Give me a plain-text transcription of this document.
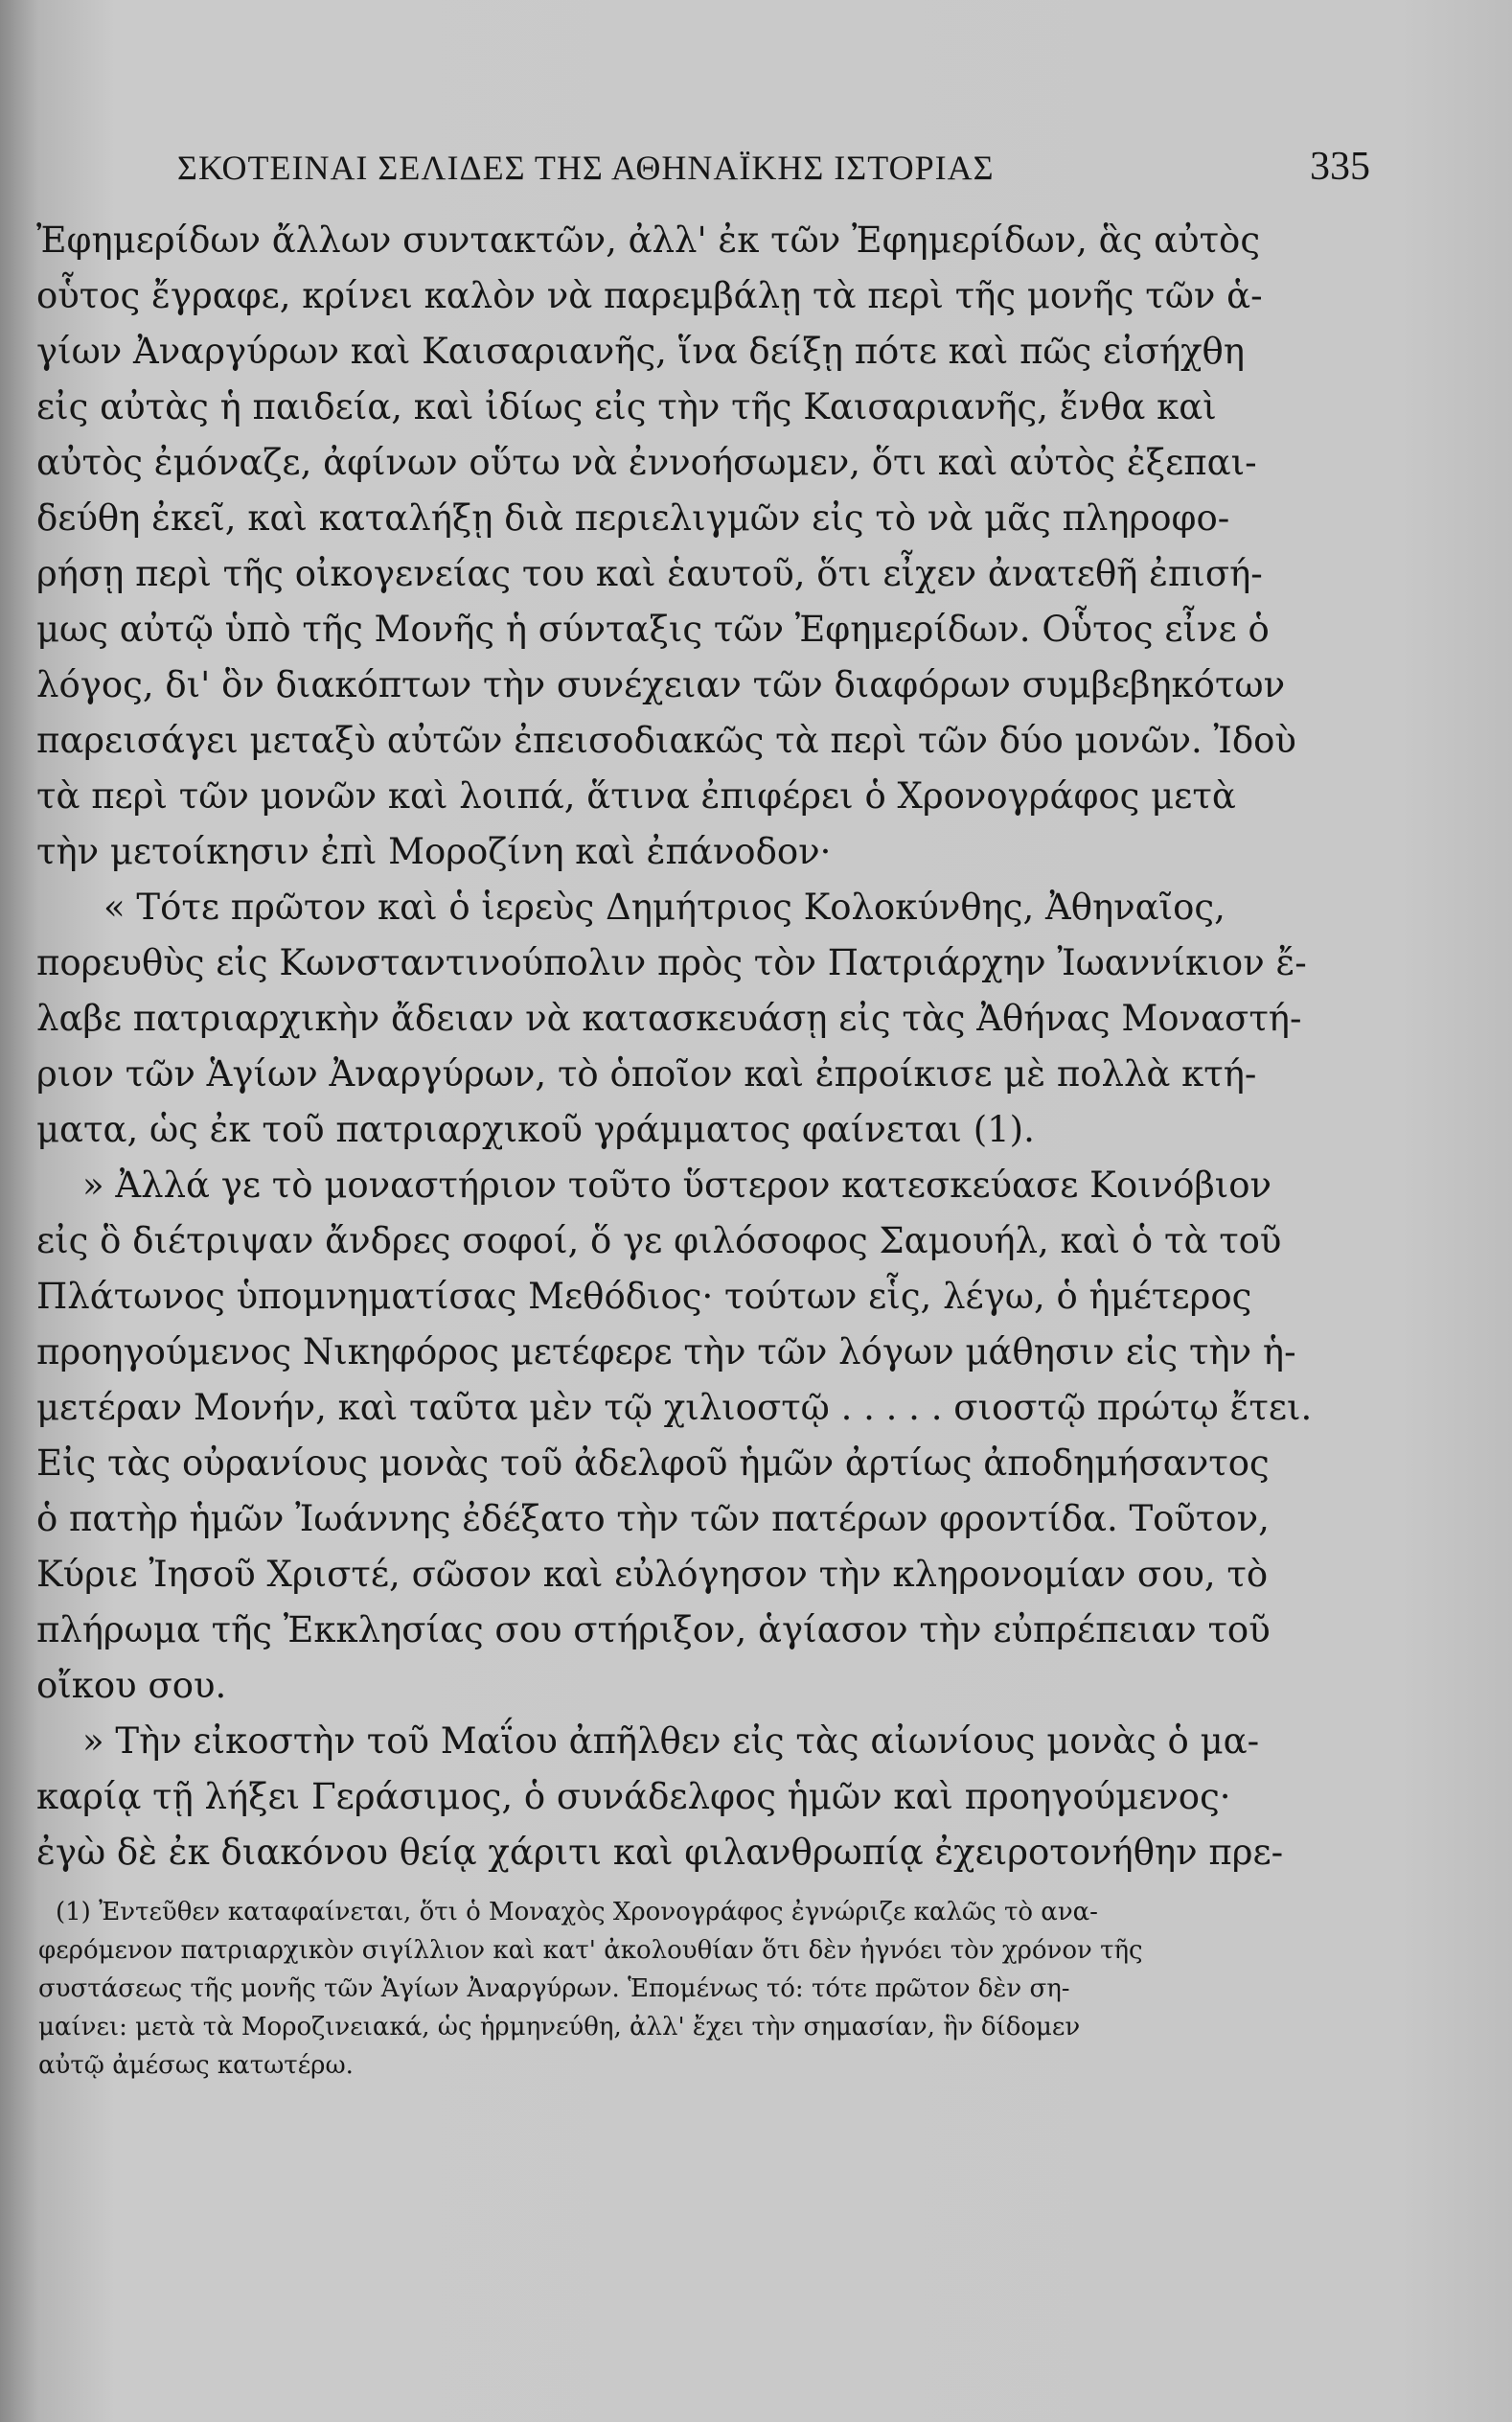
ΣΚΟΤΕΙΝΑΙ ΣΕΛΙΔΕΣ ΤΗΣ ΑΘΗΝΑΪΚΗΣ ΙΣΤΟΡΙΑΣ	335
Ἐφημερίδων ἄλλων συντακτῶν, ἀλλ' ἐκ τῶν Ἐφημερίδων, ἃς αὐτὸς
οὗτος ἔγραφε, κρίνει καλὸν νὰ παρεμβάλῃ τὰ περὶ τῆς μονῆς τῶν ἁ-
γίων Ἀναργύρων καὶ Καισαριανῆς, ἵνα δείξῃ πότε καὶ πῶς εἰσήχθη
εἰς αὐτὰς ἡ παιδεία, καὶ ἰδίως εἰς τὴν τῆς Καισαριανῆς, ἔνθα καὶ
αὐτὸς ἐμόναζε, ἀφίνων οὕτω νὰ ἐννοήσωμεν, ὅτι καὶ αὐτὸς ἐξεπαι-
δεύθη ἐκεῖ, καὶ καταλήξῃ διὰ περιελιγμῶν εἰς τὸ νὰ μᾶς πληροφο-
ρήσῃ περὶ τῆς οἰκογενείας του καὶ ἑαυτοῦ, ὅτι εἶχεν ἀνατεθῆ ἐπισή-
μως αὐτῷ ὑπὸ τῆς Μονῆς ἡ σύνταξις τῶν Ἐφημερίδων. Οὗτος εἶνε ὁ
λόγος, δι' ὃν διακόπτων τὴν συνέχειαν τῶν διαφόρων συμβεβηκότων
παρεισάγει μεταξὺ αὐτῶν ἐπεισοδιακῶς τὰ περὶ τῶν δύο μονῶν. Ἰδοὺ
τὰ περὶ τῶν μονῶν καὶ λοιπά, ἅτινα ἐπιφέρει ὁ Χρονογράφος μετὰ
τὴν μετοίκησιν ἐπὶ Μοροζίνη καὶ ἐπάνοδον·
« Τότε πρῶτον καὶ ὁ ἱερεὺς Δημήτριος Κολοκύνθης, Ἀθηναῖος,
πορευθὺς εἰς Κωνσταντινούπολιν πρὸς τὸν Πατριάρχην Ἰωαννίκιον ἔ-
λαβε πατριαρχικὴν ἄδειαν νὰ κατασκευάσῃ εἰς τὰς Ἀθήνας Μοναστή-
ριον τῶν Ἁγίων Ἀναργύρων, τὸ ὁποῖον καὶ ἐπροίκισε μὲ πολλὰ κτή-
ματα, ὡς ἐκ τοῦ πατριαρχικοῦ γράμματος φαίνεται (1).
» Ἀλλά γε τὸ μοναστήριον τοῦτο ὕστερον κατεσκεύασε Κοινόβιον
εἰς ὃ διέτριψαν ἄνδρες σοφοί, ὅ γε φιλόσοφος Σαμουήλ, καὶ ὁ τὰ τοῦ
Πλάτωνος ὑπομνηματίσας Μεθόδιος· τούτων εἷς, λέγω, ὁ ἡμέτερος
προηγούμενος Νικηφόρος μετέφερε τὴν τῶν λόγων μάθησιν εἰς τὴν ἡ-
μετέραν Μονήν, καὶ ταῦτα μὲν τῷ χιλιοστῷ . . . . . σιοστῷ πρώτῳ ἔτει.
Εἰς τὰς οὐρανίους μονὰς τοῦ ἀδελφοῦ ἡμῶν ἀρτίως ἀποδημήσαντος
ὁ πατὴρ ἡμῶν Ἰωάννης ἐδέξατο τὴν τῶν πατέρων φροντίδα. Τοῦτον,
Κύριε Ἰησοῦ Χριστέ, σῶσον καὶ εὐλόγησον τὴν κληρονομίαν σου, τὸ
πλήρωμα τῆς Ἐκκλησίας σου στήριξον, ἁγίασον τὴν εὐπρέπειαν τοῦ
οἴκου σου.
» Τὴν εἰκοστὴν τοῦ Μαΐου ἀπῆλθεν εἰς τὰς αἰωνίους μονὰς ὁ μα-
καρίᾳ τῇ λήξει Γεράσιμος, ὁ συνάδελφος ἡμῶν καὶ προηγούμενος·
ἐγὼ δὲ ἐκ διακόνου θείᾳ χάριτι καὶ φιλανθρωπίᾳ ἐχειροτονήθην πρε-
(1) Ἐντεῦθεν καταφαίνεται, ὅτι ὁ Μοναχὸς Χρονογράφος ἐγνώριζε καλῶς τὸ ανα-
φερόμενον πατριαρχικὸν σιγίλλιον καὶ κατ' ἀκολουθίαν ὅτι δὲν ἠγνόει τὸν χρόνον τῆς
συστάσεως τῆς μονῆς τῶν Ἁγίων Ἀναργύρων. Ἑπομένως τό: τότε πρῶτον δὲν ση-
μαίνει: μετὰ τὰ Μοροζινειακά, ὡς ἡρμηνεύθη, ἀλλ' ἔχει τὴν σημασίαν, ἣν δίδομεν
αὐτῷ ἀμέσως κατωτέρω.
